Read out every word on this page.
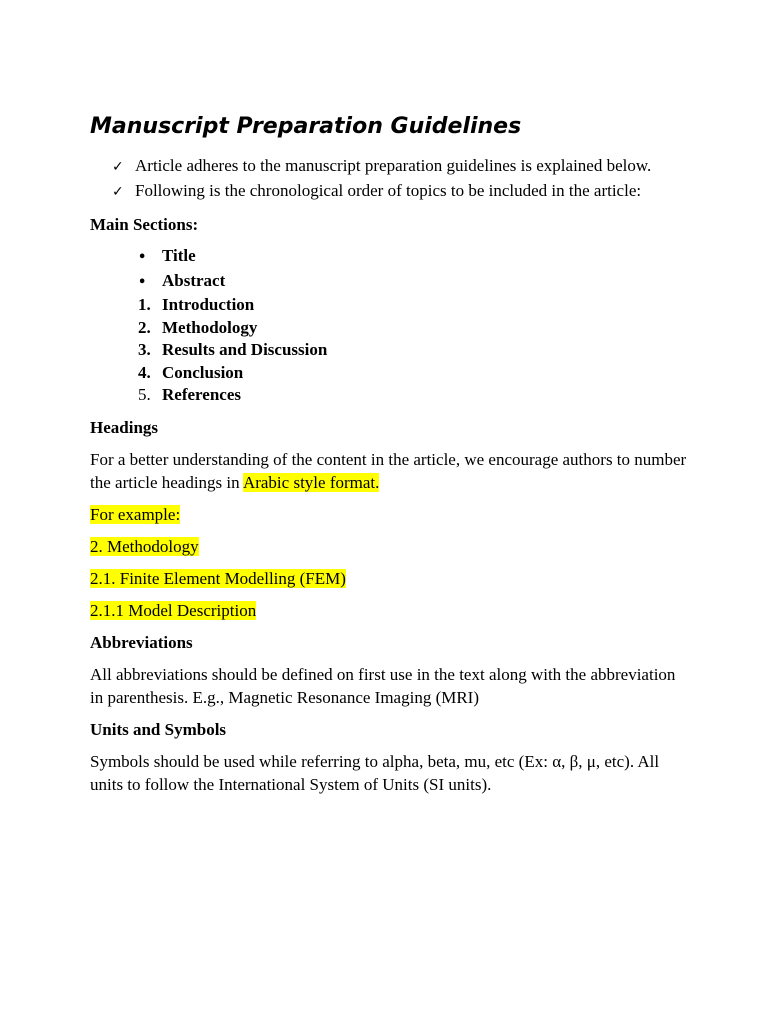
Manuscript Preparation Guidelines
✓ Article adheres to the manuscript preparation guidelines is explained below.
✓ Following is the chronological order of topics to be included in the article:
Main Sections:
• Title
• Abstract
1. Introduction
2. Methodology
3. Results and Discussion
4. Conclusion
5. References
Headings

For a better understanding of the content in the article, we encourage authors to number the article headings in Arabic style format.

For example:

2. Methodology

2.1. Finite Element Modelling (FEM)

2.1.1 Model Description

Abbreviations

All abbreviations should be defined on first use in the text along with the abbreviation in parenthesis. E.g., Magnetic Resonance Imaging (MRI)

Units and Symbols

Symbols should be used while referring to alpha, beta, mu, etc (Ex: α, β, μ, etc). All units to follow the International System of Units (SI units).
